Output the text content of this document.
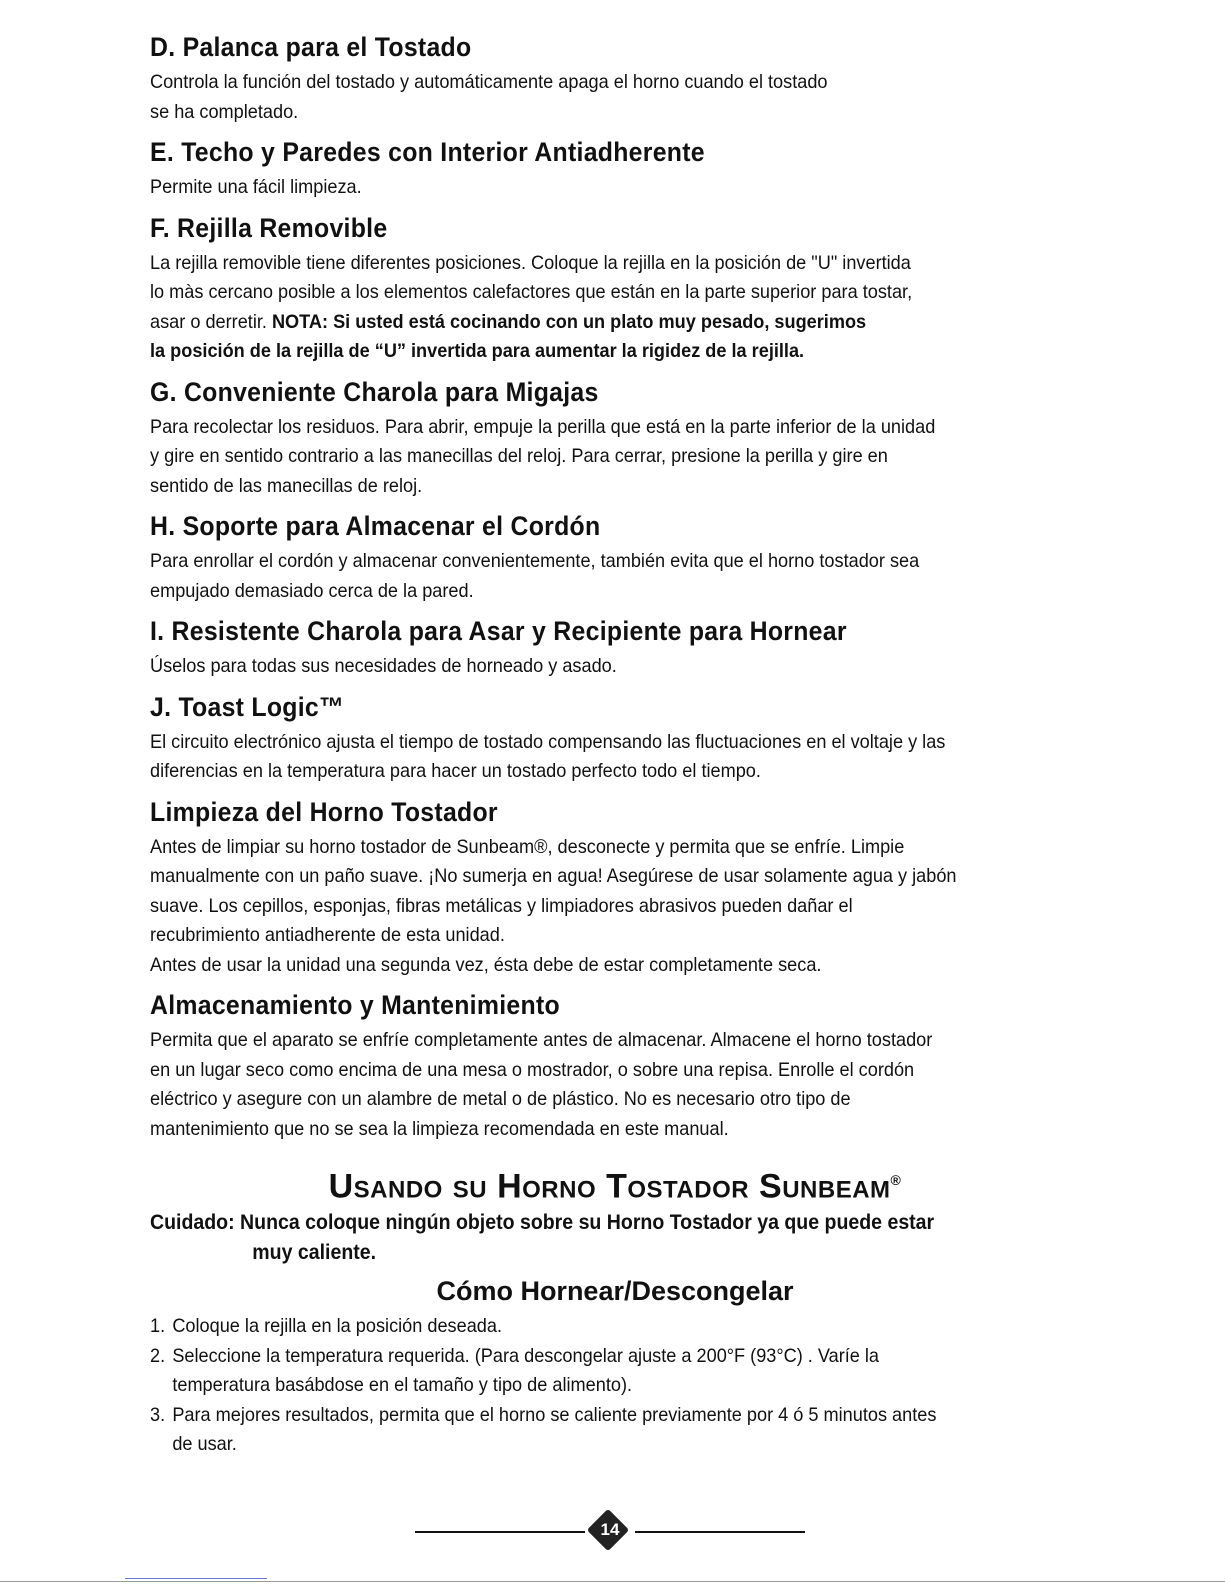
D. Palanca para el Tostado

Controla la función del tostado y automáticamente apaga el horno cuando el tostado
se ha completado.

E. Techo y Paredes con Interior Antiadherente

Permite una fácil limpieza.

F. Rejilla Removible

La rejilla removible tiene diferentes posiciones. Coloque la rejilla en la posición de "U" invertida
lo màs cercano posible a los elementos calefactores que están en la parte superior para tostar,
asar o derretir. NOTA: Si usted está cocinando con un plato muy pesado, sugerimos
la posición de la rejilla de “U” invertida para aumentar la rigidez de la rejilla.

G. Conveniente Charola para Migajas

Para recolectar los residuos. Para abrir, empuje la perilla que está en la parte inferior de la unidad
y gire en sentido contrario a las manecillas del reloj. Para cerrar, presione la perilla y gire en
sentido de las manecillas de reloj.

H. Soporte para Almacenar el Cordón

Para enrollar el cordón y almacenar convenientemente, también evita que el horno tostador sea
empujado demasiado cerca de la pared.

I. Resistente Charola para Asar y Recipiente para Hornear

Úselos para todas sus necesidades de horneado y asado.

J. Toast Logic™

El circuito electrónico ajusta el tiempo de tostado compensando las fluctuaciones en el voltaje y las
diferencias en la temperatura para hacer un tostado perfecto todo el tiempo.

Limpieza del Horno Tostador

Antes de limpiar su horno tostador de Sunbeam®, desconecte y permita que se enfríe. Limpie
manualmente con un paño suave. ¡No sumerja en agua! Asegúrese de usar solamente agua y jabón
suave. Los cepillos, esponjas, fibras metálicas y limpiadores abrasivos pueden dañar el
recubrimiento antiadherente de esta unidad.
Antes de usar la unidad una segunda vez, ésta debe de estar completamente seca.

Almacenamiento y Mantenimiento

Permita que el aparato se enfríe completamente antes de almacenar. Almacene el horno tostador
en un lugar seco como encima de una mesa o mostrador, o sobre una repisa. Enrolle el cordón
eléctrico y asegure con un alambre de metal o de plástico. No es necesario otro tipo de
mantenimiento que no se sea la limpieza recomendada en este manual.

Usando su Horno Tostador Sunbeam®

Cuidado: Nunca coloque ningún objeto sobre su Horno Tostador ya que puede estar
muy caliente.

Cómo Hornear/Descongelar
1. Coloque la rejilla en la posición deseada.
2. Seleccione la temperatura requerida. (Para descongelar ajuste a 200°F (93°C) . Varíe la
temperatura basábdose en el tamaño y tipo de alimento).
3. Para mejores resultados, permita que el horno se caliente previamente por 4 ó 5 minutos antes
de usar.
14
